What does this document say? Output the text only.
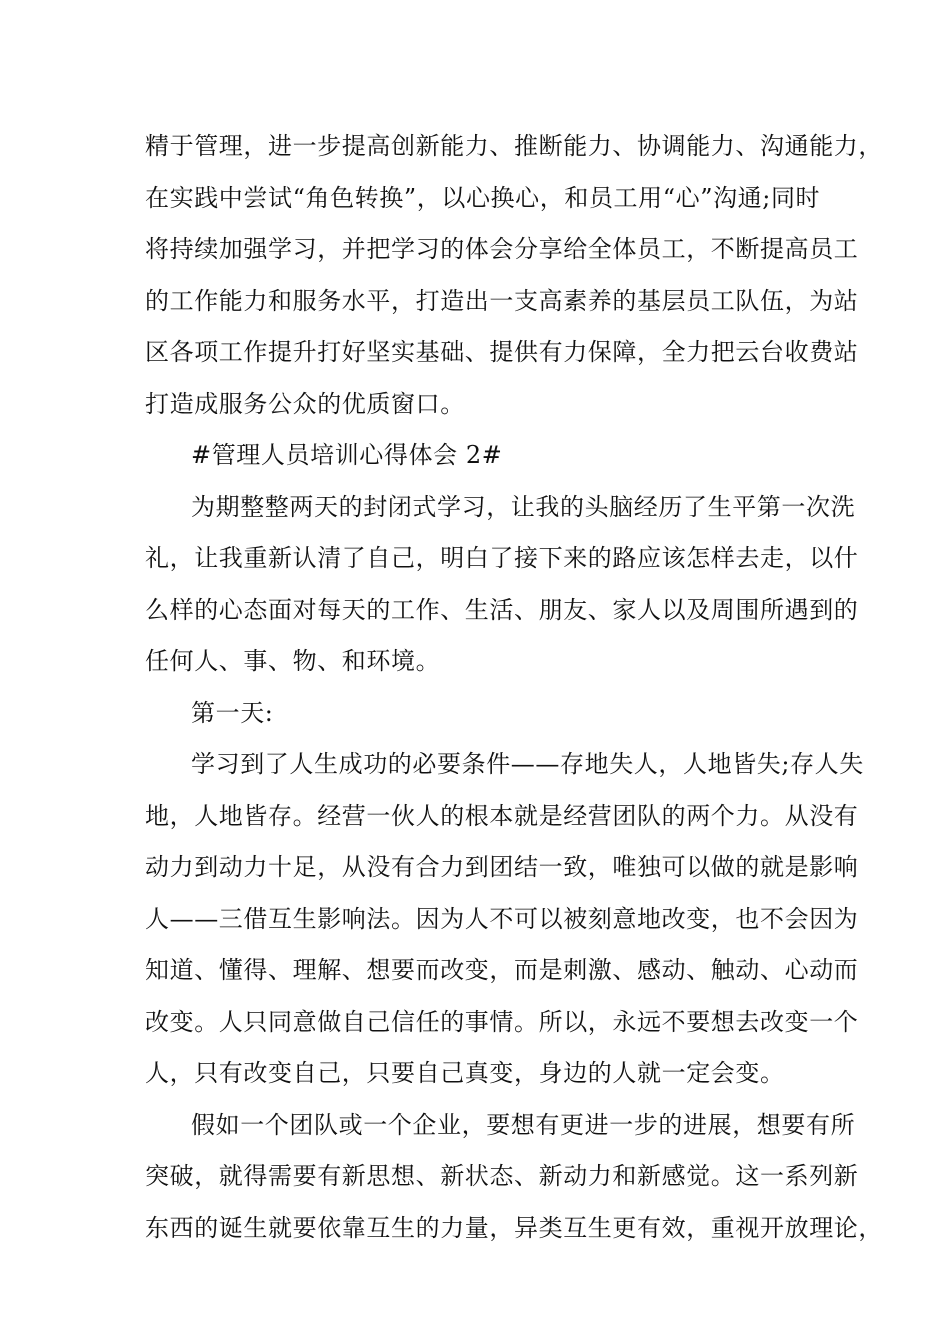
精于管理，进一步提高创新能力、推断能力、协调能力、沟通能力，
在实践中尝试“角色转换”，以心换心，和员工用“心”沟通;同时
将持续加强学习，并把学习的体会分享给全体员工，不断提高员工
的工作能力和服务水平，打造出一支高素养的基层员工队伍，为站
区各项工作提升打好坚实基础、提供有力保障，全力把云台收费站
打造成服务公众的优质窗口。
#管理人员培训心得体会 2#
为期整整两天的封闭式学习，让我的头脑经历了生平第一次洗
礼，让我重新认清了自己，明白了接下来的路应该怎样去走，以什
么样的心态面对每天的工作、生活、朋友、家人以及周围所遇到的
任何人、事、物、和环境。
第一天:
学习到了人生成功的必要条件——存地失人，人地皆失;存人失
地，人地皆存。经营一伙人的根本就是经营团队的两个力。从没有
动力到动力十足，从没有合力到团结一致，唯独可以做的就是影响
人——三借互生影响法。因为人不可以被刻意地改变，也不会因为
知道、懂得、理解、想要而改变，而是刺激、感动、触动、心动而
改变。人只同意做自己信任的事情。所以，永远不要想去改变一个
人，只有改变自己，只要自己真变，身边的人就一定会变。
假如一个团队或一个企业，要想有更进一步的进展，想要有所
突破，就得需要有新思想、新状态、新动力和新感觉。这一系列新
东西的诞生就要依靠互生的力量，异类互生更有效，重视开放理论，
